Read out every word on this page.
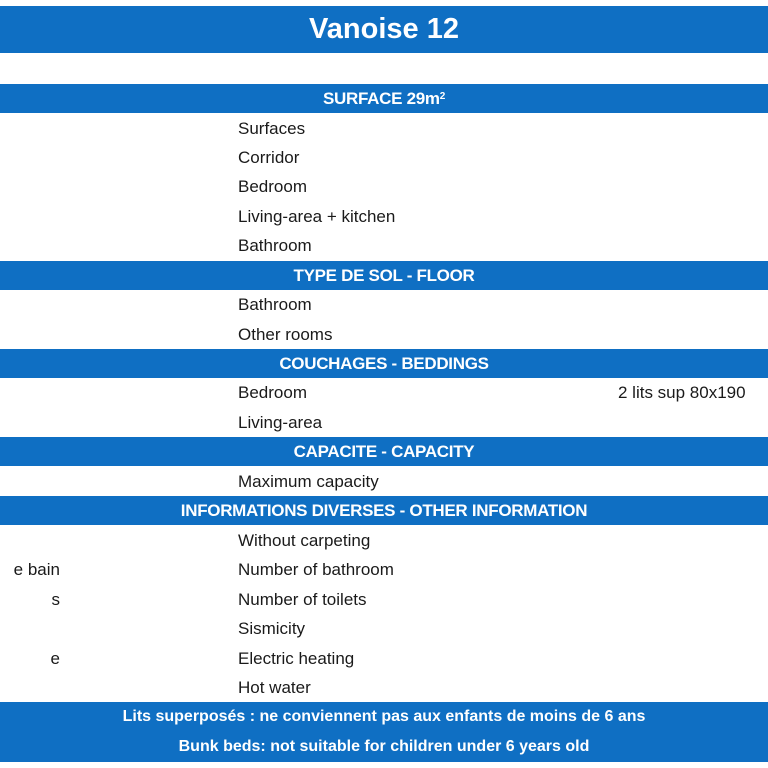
Vanoise 12
SURFACE $29m^2$
Surfaces
Corridor
Bedroom
Living-area + kitchen
Bathroom
TYPE DE SOL - FLOOR
Bathroom
Other rooms
COUCHAGES - BEDDINGS
Bedroom	2 lits sup 80x190
Living-area
CAPACITE - CAPACITY
Maximum capacity
INFORMATIONS DIVERSES - OTHER INFORMATION
Without carpeting
e bain	Number of bathroom
s	Number of toilets
Sismicity
e	Electric heating
Hot water
Lits superposés : ne conviennent pas aux enfants de moins de 6 ans
Bunk beds: not suitable for children under 6 years old
